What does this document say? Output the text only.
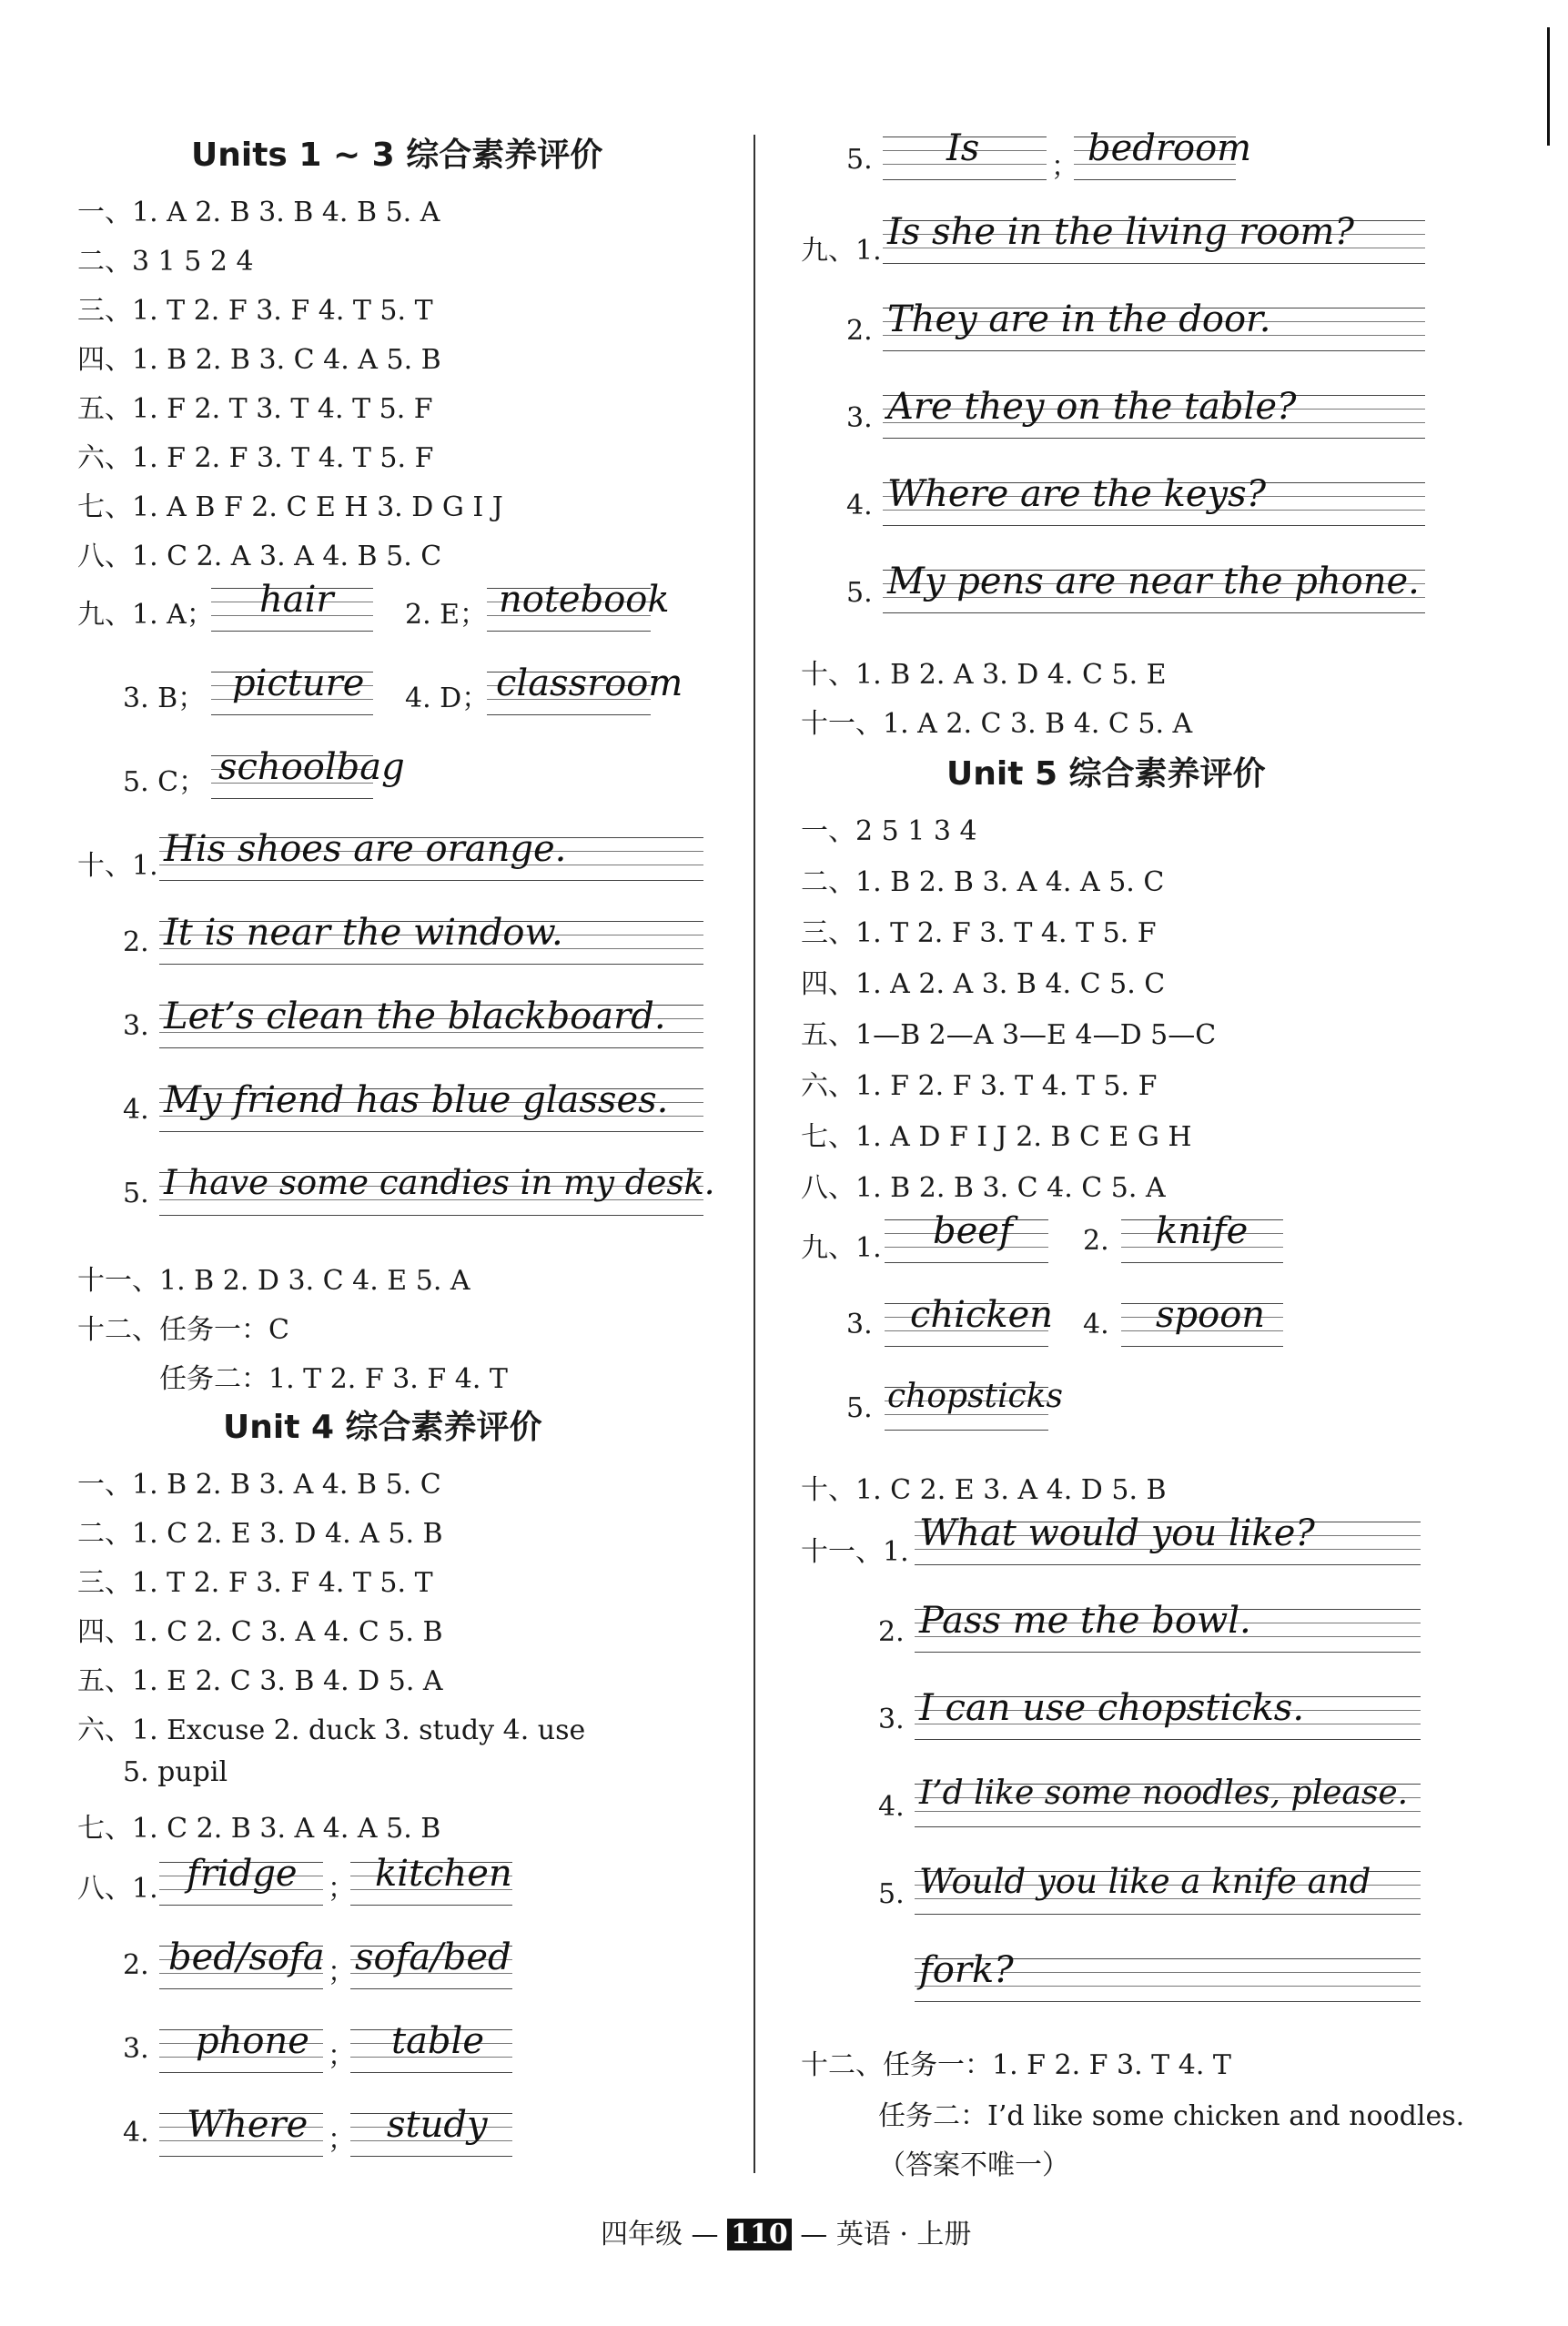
Units 1 ~ 3 综合素养评价
一、1. A 2. B 3. B 4. B 5. A
二、3 1 5 2 4
三、1. T 2. F 3. F 4. T 5. T
四、1. B 2. B 3. C 4. A 5. B
五、1. F 2. T 3. T 4. T 5. F
六、1. F 2. F 3. T 4. T 5. F
七、1. A B F 2. C E H 3. D G I J
八、1. C 2. A 3. A 4. B 5. C
九、1. A； hair	2. E； notebook
3. B； picture 4. D； classroom
5. C； schoolbag
十、1. His shoes are orange.
2. It is near the window.
3. Let’s clean the blackboard.
4. My friend has blue glasses.
5. I have some candies in my desk.
十一、1. B 2. D 3. C 4. E 5. A
十二、任务一：C
任务二：1. T 2. F 3. F 4. T
Unit 4 综合素养评价
一、1. B 2. B 3. A 4. B 5. C
二、1. C 2. E 3. D 4. A 5. B
三、1. T 2. F 3. F 4. T 5. T
四、1. C 2. C 3. A 4. C 5. B
五、1. E 2. C 3. B 4. D 5. A
六、1. Excuse 2. duck 3. study 4. use
5. pupil
七、1. C 2. B 3. A 4. A 5. B
八、1. fridge ； kitchen
2. bed/sofa ； sofa/bed
3. phone ； table
4. Where ； study
5. Is	； bedroom
九、1. Is she in the living room?
2. They are in the door.
3. Are they on the table?
4. Where are the keys?
5. My pens are near the phone.
十、1. B 2. A 3. D 4. C 5. E
十一、1. A 2. C 3. B 4. C 5. A
Unit 5 综合素养评价
一、2 5 1 3 4
二、1. B 2. B 3. A 4. A 5. C
三、1. T 2. F 3. T 4. T 5. F
四、1. A 2. A 3. B 4. C 5. C
五、1—B 2—A 3—E 4—D 5—C
六、1. F 2. F 3. T 4. T 5. F
七、1. A D F I J 2. B C E G H
八、1. B 2. B 3. C 4. C 5. A
九、1. beef	2. knife
3. chicken 4. spoon
5. chopsticks
十、1. C 2. E 3. A 4. D 5. B
十一、1. What would you like?
2. Pass me the bowl.
3. I can use chopsticks.
4. I’d like some noodles, please.
5. Would you like a knife and
fork?
十二、任务一：1. F 2. F 3. T 4. T
任务二：I’d like some chicken and noodles.
（答案不唯一）
四年级 — 110 — 英语 · 上册
